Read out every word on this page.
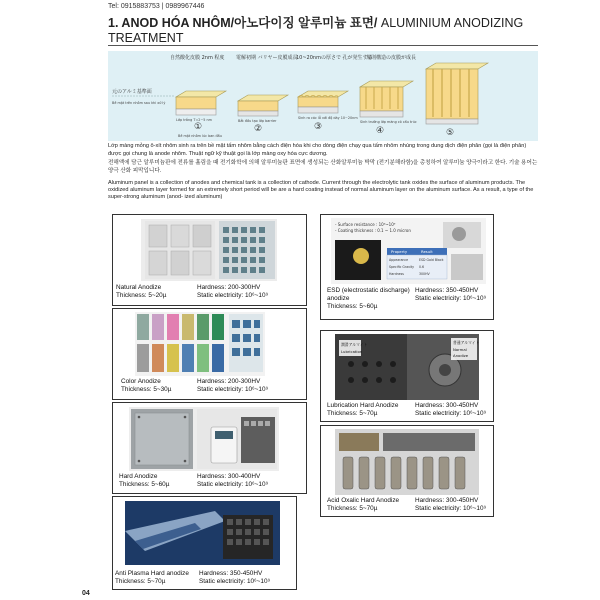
Tel: 0915883753 | 0989967446
1. ANOD HÓA NHÔM/아노다이징 알루미늄 표면/ ALUMINIUM ANODIZING TREATMENT
元のアルミ基準面
Bề mặt trên nhôm sau khi xử lý
自然酸化皮膜 2nm 程度 電解初期 バリヤー皮膜成長
10~20nmの厚さで 孔が発生する
規則構造の皮膜が成長
Lớp trắng T=2~5 nm	Bắt đầu tạo lớp barrier
Sinh ra các lỗ với độ dày 10~20nm
Sinh trưởng lớp màng có cấu trúc
Bề mặt nhôm lúc ban đầu
①	②	③	④	⑤
Lớp màng mỏng ô-xít nhôm sinh ra trên bề mặt tấm nhôm bằng cách điện hóa khi cho dòng điện chạy qua tấm nhôm nhúng trong dung dịch điện phân (gọi là điện phân) được gọi chung là anode nhôm. Thuật ngữ kỹ thuật gọi là lớp màng oxy hóa cực dương.
전해액에 담근 알루미늄판에 전류를 흘림을 때 전기화학에 의해 알루미늄판 표면에 생성되는 산화알루미늄 박막 (전기분해라함)을 총칭하여 알루미늄 양극이라고 한다. 기술 용어는 양극 산화 피막입니다.
Aluminum panel is a collection of anodes and chemical tank is a collection of cathode. Current through the electrolytic tank oxides the surface of aluminum products. The oxidized aluminum layer formed for an extremely short period will be are a hard coating instead of normal aluminum layer on the aluminum surface. As a result, a type of the super-strong aluminum (anod- ized aluminum)
Natural Anodize
Thickness: 5~20µ
Hardness: 200-300HV
Static electricity: 10⁶~10⁹
Color Anodize
Thickness: 5~30µ
Hardness: 200-300HV
Static electricity: 10⁶~10⁹
Hard Anodize
Thickness: 5~60µ
Hardness: 300-400HV
Static electricity: 10⁶~10⁹
Anti Plasma Hard anodize
Thickness: 5~70µ
Hardness: 350-450HV
Static electricity: 10⁶~10⁹
- Surface resistance : 10⁶~10⁹
- Coating thickness : 0.1 ~ 1.0 micron
Property	Result
Appearance	ESD Gold Black
Specific Gravity 0.6
Hardness	300HV
ESD (electrostatic discharge)
anodize
Thickness: 5~60µ
Hardness: 350-450HV
Static electricity: 10⁶~10⁹
潤滑アルマイト
Lubrication
普通アルマイト
Normal
Anodize
Lubrication Hard Anodize
Thickness: 5~70µ
Hardness: 300-450HV
Static electricity: 10⁶~10⁹
Acid Oxalic Hard Anodize
Thickness: 5~70µ
Hardness: 300-450HV
Static electricity: 10⁶~10⁹
04
